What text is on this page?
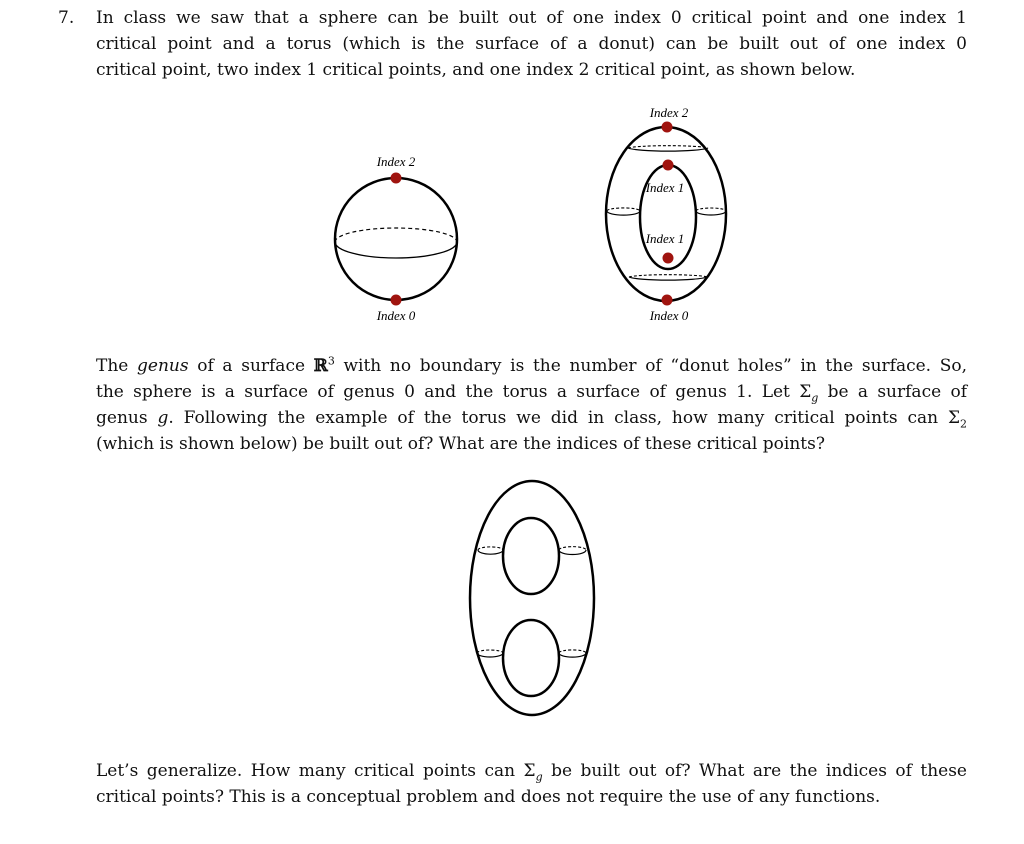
7. In class we saw that a sphere can be built out of one index 0 critical point and one index 1
critical point and a torus (which is the surface of a donut) can be built out of one index 0
critical point, two index 1 critical points, and one index 2 critical point, as shown below.
Index 2
Index 0
Index 2
Index 1
Index 1
Index 0
The genus of a surface ℝ$^3$ with no boundary is the number of “donut holes” in the surface. So,
the sphere is a surface of genus 0 and the torus a surface of genus 1. Let $\Sigma_g$ be a surface of
genus g. Following the example of the torus we did in class, how many critical points can $\Sigma_2$
(which is shown below) be built out of? What are the indices of these critical points?
Let’s generalize. How many critical points can $\Sigma_g$ be built out of? What are the indices of these
critical points? This is a conceptual problem and does not require the use of any functions.
